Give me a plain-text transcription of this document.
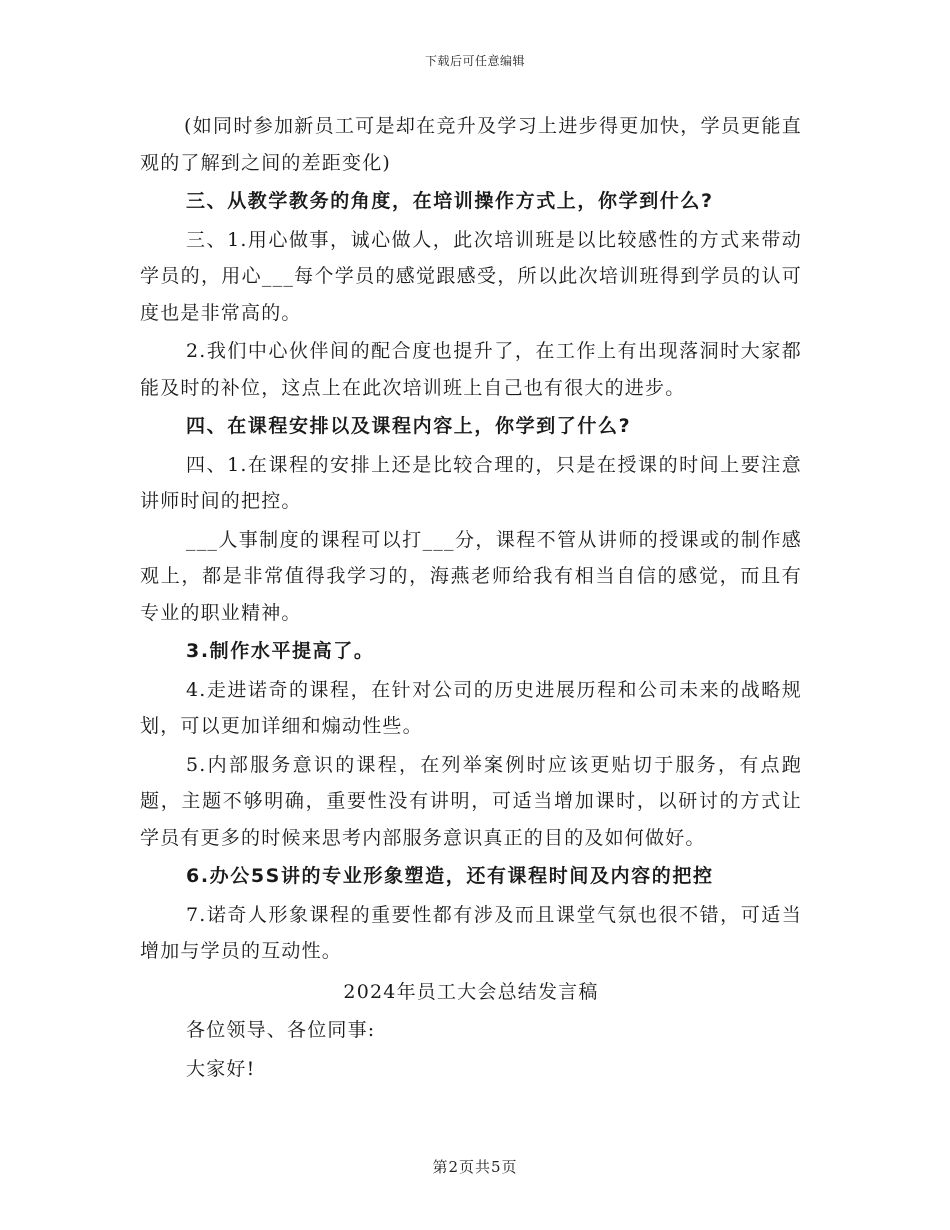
下载后可任意编辑

(如同时参加新员工可是却在竞升及学习上进步得更加快，学员更能直观的了解到之间的差距变化)

三、从教学教务的角度，在培训操作方式上，你学到什么?

三、1.用心做事，诚心做人，此次培训班是以比较感性的方式来带动学员的，用心___每个学员的感觉跟感受，所以此次培训班得到学员的认可度也是非常高的。

2.我们中心伙伴间的配合度也提升了，在工作上有出现落洞时大家都能及时的补位，这点上在此次培训班上自己也有很大的进步。

四、在课程安排以及课程内容上，你学到了什么?

四、1.在课程的安排上还是比较合理的，只是在授课的时间上要注意讲师时间的把控。

___人事制度的课程可以打___分，课程不管从讲师的授课或的制作感观上，都是非常值得我学习的，海燕老师给我有相当自信的感觉，而且有专业的职业精神。

3.制作水平提高了。

4.走进诺奇的课程，在针对公司的历史进展历程和公司未来的战略规划，可以更加详细和煽动性些。

5.内部服务意识的课程，在列举案例时应该更贴切于服务，有点跑题，主题不够明确，重要性没有讲明，可适当增加课时，以研讨的方式让学员有更多的时候来思考内部服务意识真正的目的及如何做好。

6.办公5S讲的专业形象塑造，还有课程时间及内容的把控

7.诺奇人形象课程的重要性都有涉及而且课堂气氛也很不错，可适当增加与学员的互动性。

2024年员工大会总结发言稿

各位领导、各位同事:

大家好!

第2页共5页
